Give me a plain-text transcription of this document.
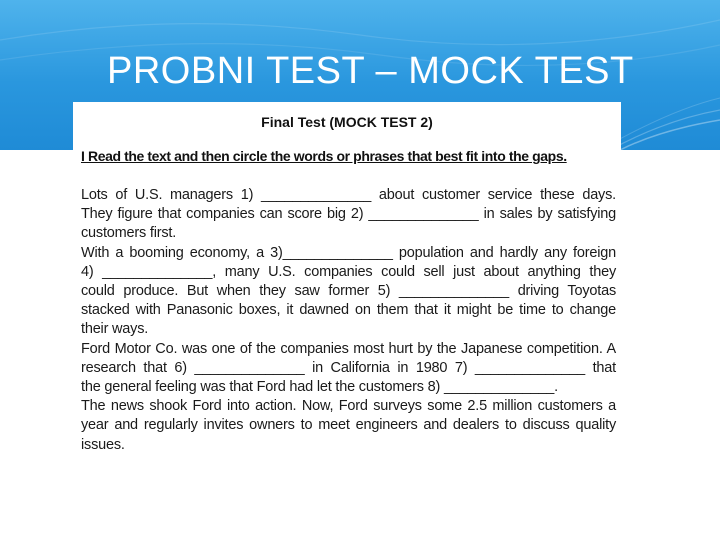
PROBNI TEST – MOCK TEST
Final Test (MOCK TEST 2)
I Read the text and then circle the words or phrases that best fit into the gaps.
Lots of U.S. managers 1) ______________ about customer service these days.
They figure that companies can score big 2) ______________ in sales by satisfying
customers first.
With a booming economy, a 3)______________ population and hardly any foreign
4) ______________, many U.S. companies could sell just about anything they
could produce. But when they saw former 5) ______________ driving Toyotas
stacked with Panasonic boxes, it dawned on them that it might be time to change
their ways.
Ford Motor Co. was one of the companies most hurt by the Japanese competition. A
research that 6) ______________ in California in 1980 7) ______________ that
the general feeling was that Ford had let the customers 8) ______________.
The news shook Ford into action. Now, Ford surveys some 2.5 million customers a
year and regularly invites owners to meet engineers and dealers to discuss quality
issues.
